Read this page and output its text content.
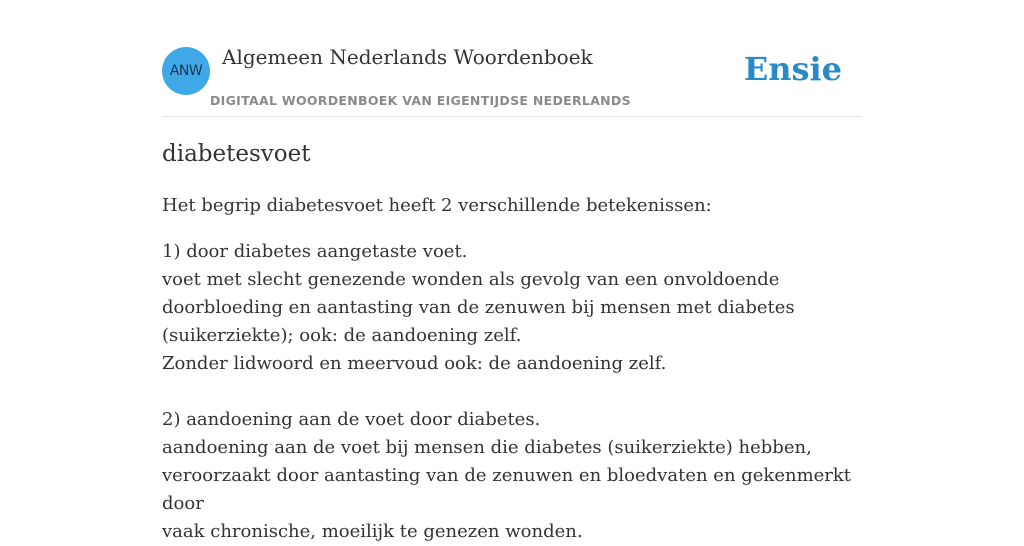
ANW
Algemeen Nederlands Woordenboek
DIGITAAL WOORDENBOEK VAN EIGENTIJDSE NEDERLANDS
Ensie
diabetesvoet

Het begrip diabetesvoet heeft 2 verschillende betekenissen:

1) door diabetes aangetaste voet.
voet met slecht genezende wonden als gevolg van een onvoldoende
doorbloeding en aantasting van de zenuwen bij mensen met diabetes
(suikerziekte); ook: de aandoening zelf.
Zonder lidwoord en meervoud ook: de aandoening zelf.

2) aandoening aan de voet door diabetes.
aandoening aan de voet bij mensen die diabetes (suikerziekte) hebben,
veroorzaakt door aantasting van de zenuwen en bloedvaten en gekenmerkt door
vaak chronische, moeilijk te genezen wonden.
